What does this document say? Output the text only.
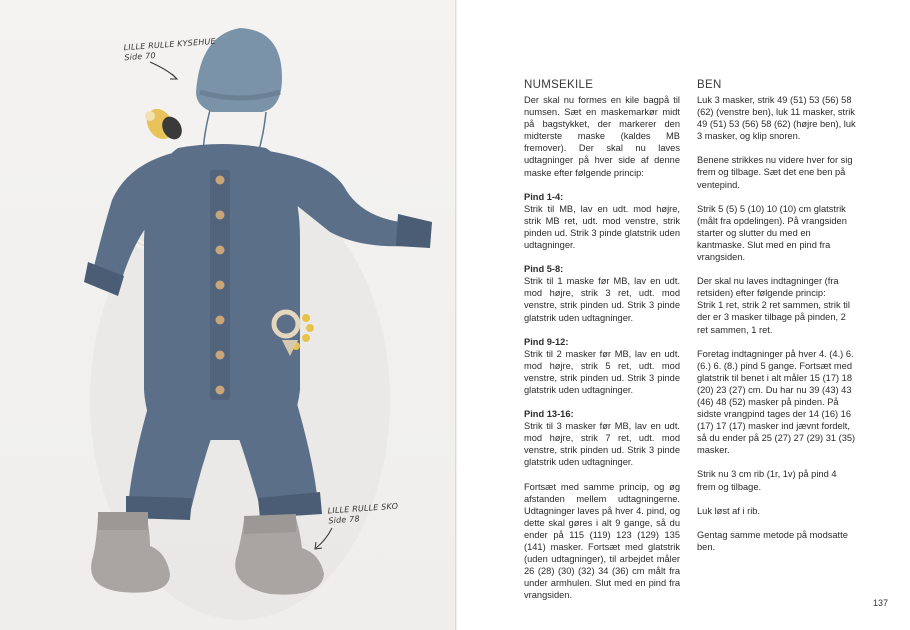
LILLE RULLE KYSEHUE
Side 70
LILLE RULLE SKO
Side 78
NUMSEKILE

Der skal nu formes en kile bagpå til numsen. Sæt en maskemarkør midt på bagstykket, der markerer den midterste maske (kaldes MB fremover). Der skal nu laves udtagninger på hver side af denne maske efter følgende princip:

Pind 1-4:

Strik til MB, lav en udt. mod højre, strik MB ret, udt. mod venstre, strik pinden ud. Strik 3 pinde glatstrik uden udtagninger.

Pind 5-8:

Strik til 1 maske før MB, lav en udt. mod højre, strik 3 ret, udt. mod venstre, strik pinden ud. Strik 3 pinde glatstrik uden udtagninger.

Pind 9-12:

Strik til 2 masker før MB, lav en udt. mod højre, strik 5 ret, udt. mod venstre, strik pinden ud. Strik 3 pinde glatstrik uden udtagninger.

Pind 13-16:

Strik til 3 masker før MB, lav en udt. mod højre, strik 7 ret, udt. mod venstre, strik pinden ud. Strik 3 pinde glatstrik uden udtagninger.

Fortsæt med samme princip, og øg afstanden mellem udtagningerne. Udtagninger laves på hver 4. pind, og dette skal gøres i alt 9 gange, så du ender på 115 (119) 123 (129) 135 (141) masker. Fortsæt med glatstrik (uden udtagninger), til arbejdet måler 26 (28) (30) (32) 34 (36) cm målt fra under armhulen. Slut med en pind fra vrangsiden.

BEN

Luk 3 masker, strik 49 (51) 53 (56) 58 (62) (venstre ben), luk 11 masker, strik 49 (51) 53 (56) 58 (62) (højre ben), luk 3 masker, og klip snoren.

Benene strikkes nu videre hver for sig frem og tilbage. Sæt det ene ben på ventepind.

Strik 5 (5) 5 (10) 10 (10) cm glatstrik (målt fra opdelingen). På vrangsiden starter og slutter du med en kantmaske. Slut med en pind fra vrangsiden.

Der skal nu laves indtagninger (fra retsiden) efter følgende princip:

Strik 1 ret, strik 2 ret sammen, strik til der er 3 masker tilbage på pinden, 2 ret sammen, 1 ret.

Foretag indtagninger på hver 4. (4.) 6. (6.) 6. (8.) pind 5 gange. Fortsæt med glatstrik til benet i alt måler 15 (17) 18 (20) 23 (27) cm. Du har nu 39 (43) 43 (46) 48 (52) masker på pinden. På sidste vrangpind tages der 14 (16) 16 (17) 17 (17) masker ind jævnt fordelt, så du ender på 25 (27) 27 (29) 31 (35) masker.

Strik nu 3 cm rib (1r, 1v) på pind 4 frem og tilbage.

Luk løst af i rib.

Gentag samme metode på modsatte ben.

137
